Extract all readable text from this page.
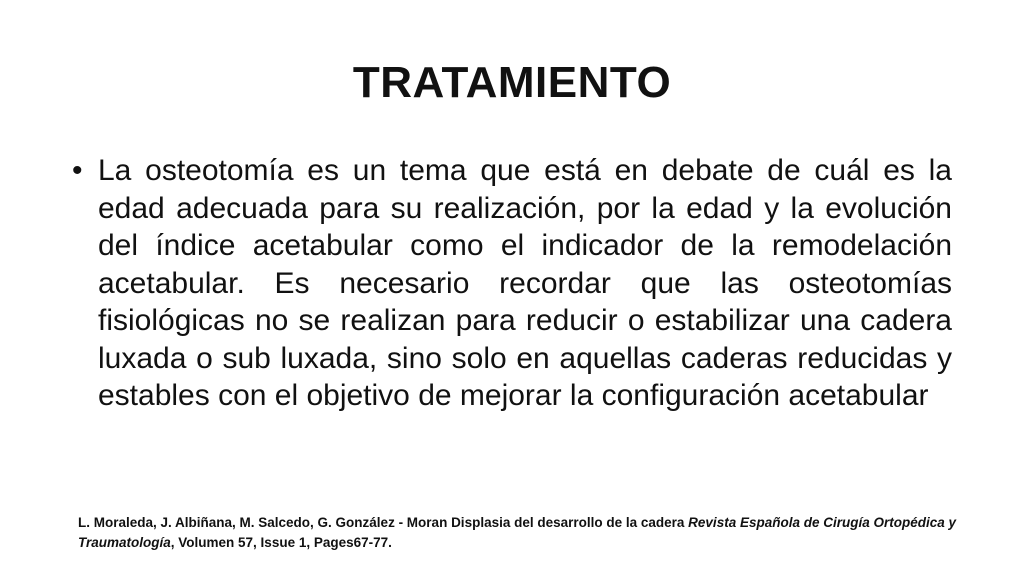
TRATAMIENTO
• La osteotomía es un tema que está en debate de cuál es la edad adecuada para su realización, por la edad y la evolución del índice acetabular como el indicador de la remodelación acetabular. Es necesario recordar que las osteotomías fisiológicas no se realizan para reducir o estabilizar una cadera luxada o sub luxada, sino solo en aquellas caderas reducidas y estables con el objetivo de mejorar la configuración acetabular

L. Moraleda, J. Albiñana, M. Salcedo, G. González - Moran Displasia del desarrollo de la cadera Revista Española de Cirugía Ortopédica y Traumatología, Volumen 57, Issue 1, Pages67-77.
